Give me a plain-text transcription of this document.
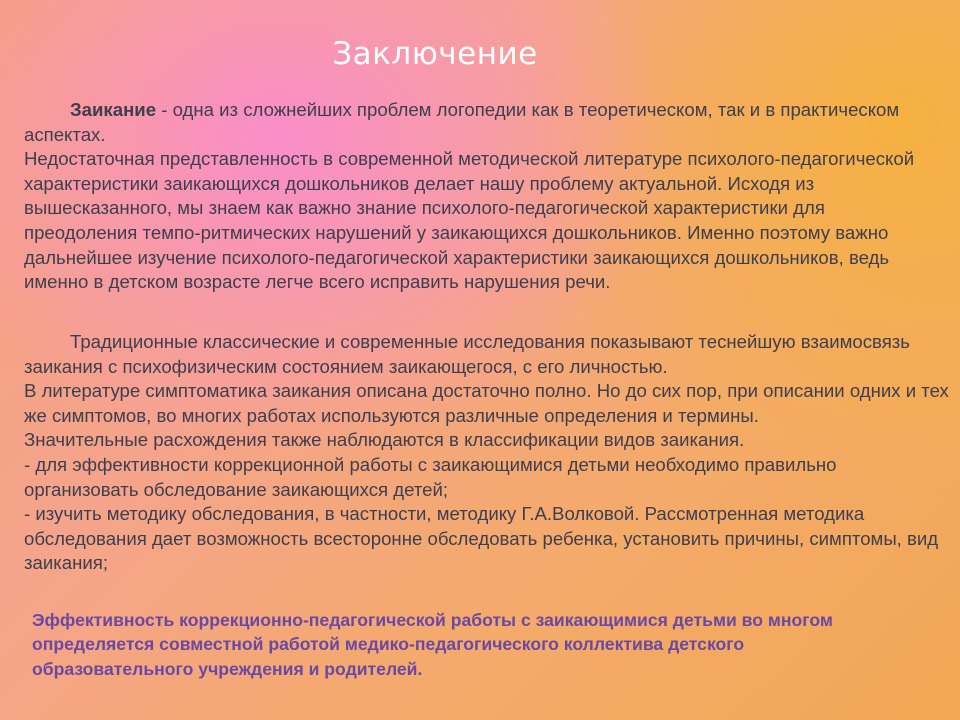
Заключение

Заикание - одна из сложнейших проблем логопедии как в теоретическом, так и в практическом аспектах.
Недостаточная представленность в современной методической литературе психолого-педагогической характеристики заикающихся дошкольников делает нашу проблему актуальной. Исходя из вышесказанного, мы знаем как важно знание психолого-педагогической характеристики для преодоления темпо-ритмических нарушений у заикающихся дошкольников. Именно поэтому важно дальнейшее изучение психолого-педагогической характеристики заикающихся дошкольников, ведь именно в детском возрасте легче всего исправить нарушения речи.

Традиционные классические и современные исследования показывают теснейшую взаимосвязь заикания с психофизическим состоянием заикающегося, с его личностью.
В литературе симптоматика заикания описана достаточно полно. Но до сих пор, при описании одних и тех же симптомов, во многих работах используются различные определения и термины.
Значительные расхождения также наблюдаются в классификации видов заикания.
- для эффективности коррекционной работы с заикающимися детьми необходимо правильно организовать обследование заикающихся детей;
- изучить методику обследования, в частности, методику Г.А.Волковой. Рассмотренная методика обследования дает возможность всесторонне обследовать ребенка, установить причины, симптомы, вид заикания;

Эффективность коррекционно-педагогической работы с заикающимися детьми во многом определяется совместной работой медико-педагогического коллектива детского образовательного учреждения и родителей.
